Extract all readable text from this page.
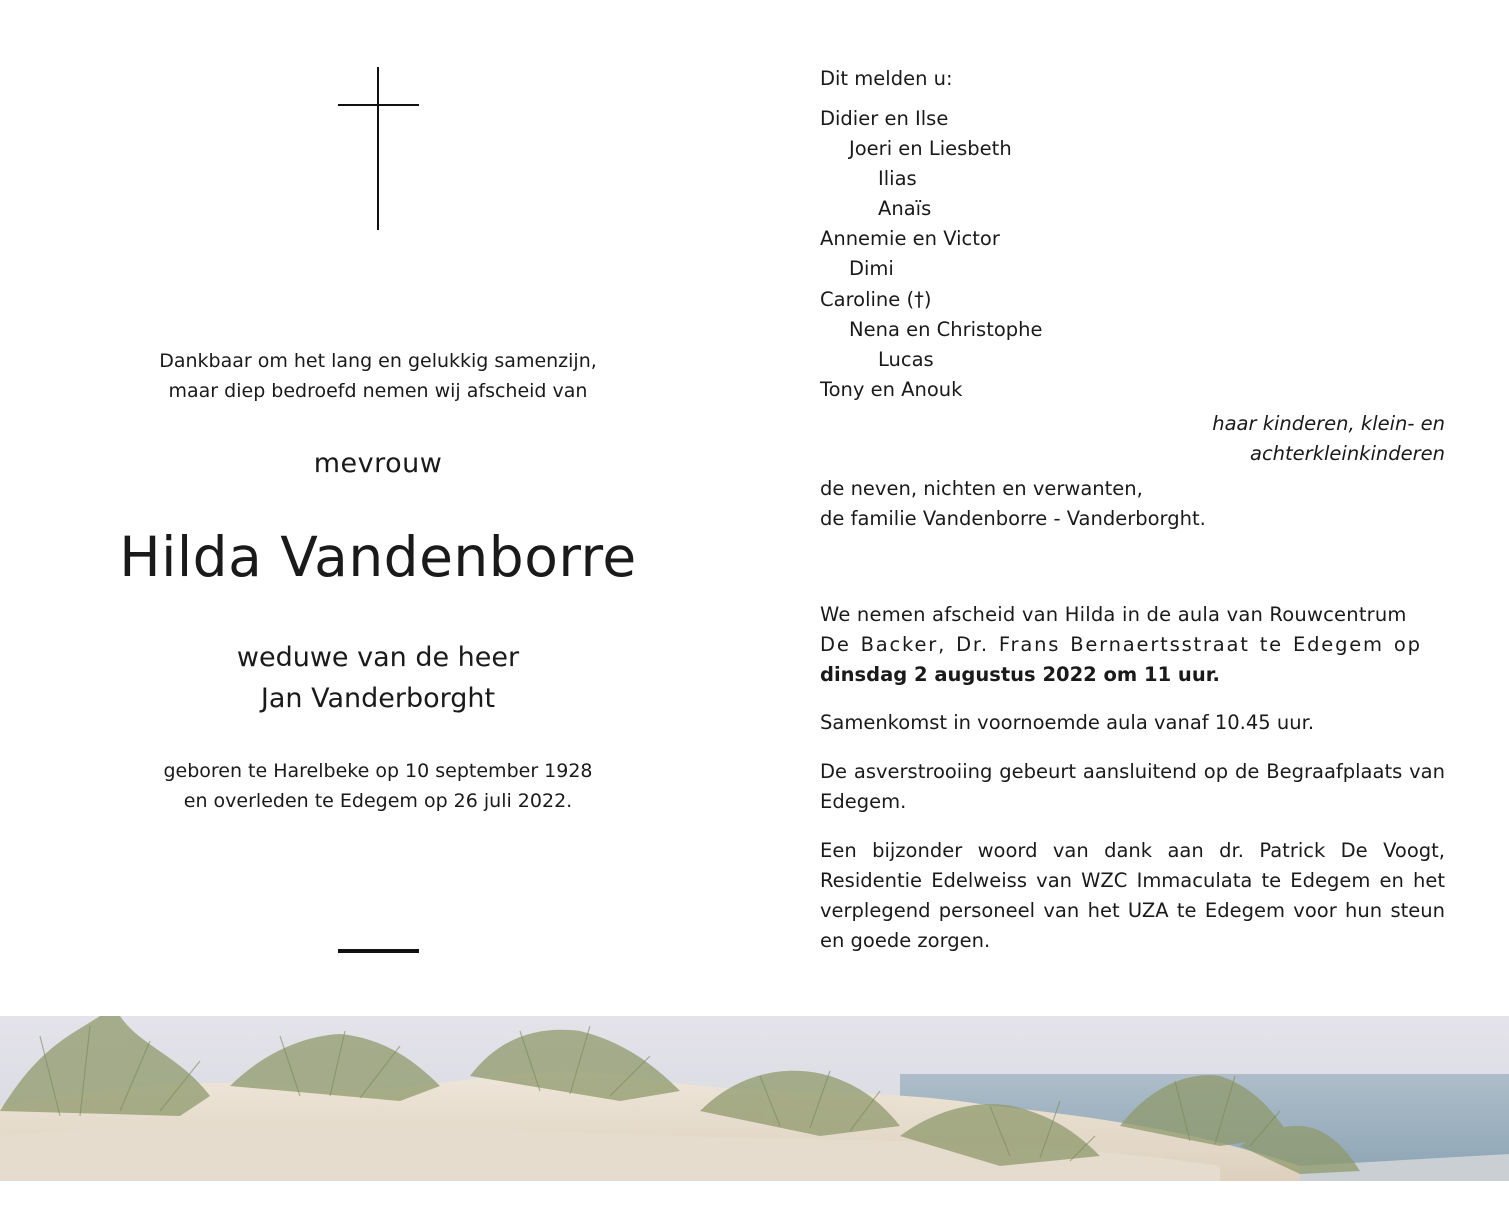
Dankbaar om het lang en gelukkig samenzijn,
maar diep bedroefd nemen wij afscheid van
mevrouw
Hilda Vandenborre
weduwe van de heer
Jan Vanderborght
geboren te Harelbeke op 10 september 1928
en overleden te Edegem op 26 juli 2022.
Dit melden u:
Didier en Ilse
Joeri en Liesbeth
Ilias
Anaïs
Annemie en Victor
Dimi
Caroline (†)
Nena en Christophe
Lucas
Tony en Anouk
haar kinderen, klein- en
achterkleinkinderen
de neven, nichten en verwanten,
de familie Vandenborre - Vanderborght.
We nemen afscheid van Hilda in de aula van Rouwcentrum
De Backer, Dr. Frans Bernaertsstraat te Edegem op
dinsdag 2 augustus 2022 om 11 uur.
Samenkomst in voornoemde aula vanaf 10.45 uur.
De asverstrooiing gebeurt aansluitend op de Begraafplaats van Edegem.
Een bijzonder woord van dank aan dr. Patrick De Voogt, Residentie Edelweiss van WZC Immaculata te Edegem en het verplegend personeel van het UZA te Edegem voor hun steun en goede zorgen.
